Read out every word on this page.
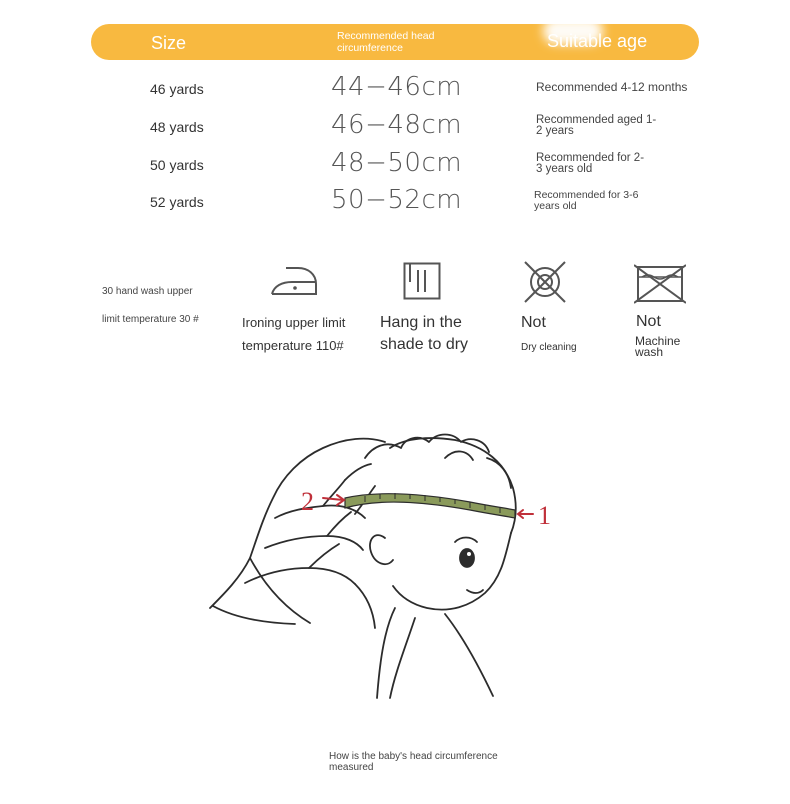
Size	Recommended head circumference	Suitable age
46 yards	44−46cm	Recommended 4-12 months
48 yards	46−48cm	Recommended aged 1-2 years
50 yards	48−50cm	Recommended for 2-3 years old
52 yards	50−52cm	Recommended for 3-6 years old
30 hand wash upper limit temperature 30 #	Ironing upper limit temperature 110#
Hang in the shade to dry
Not
Dry cleaning
Not
Machine wash
1
2
How is the baby's head circumference measured
